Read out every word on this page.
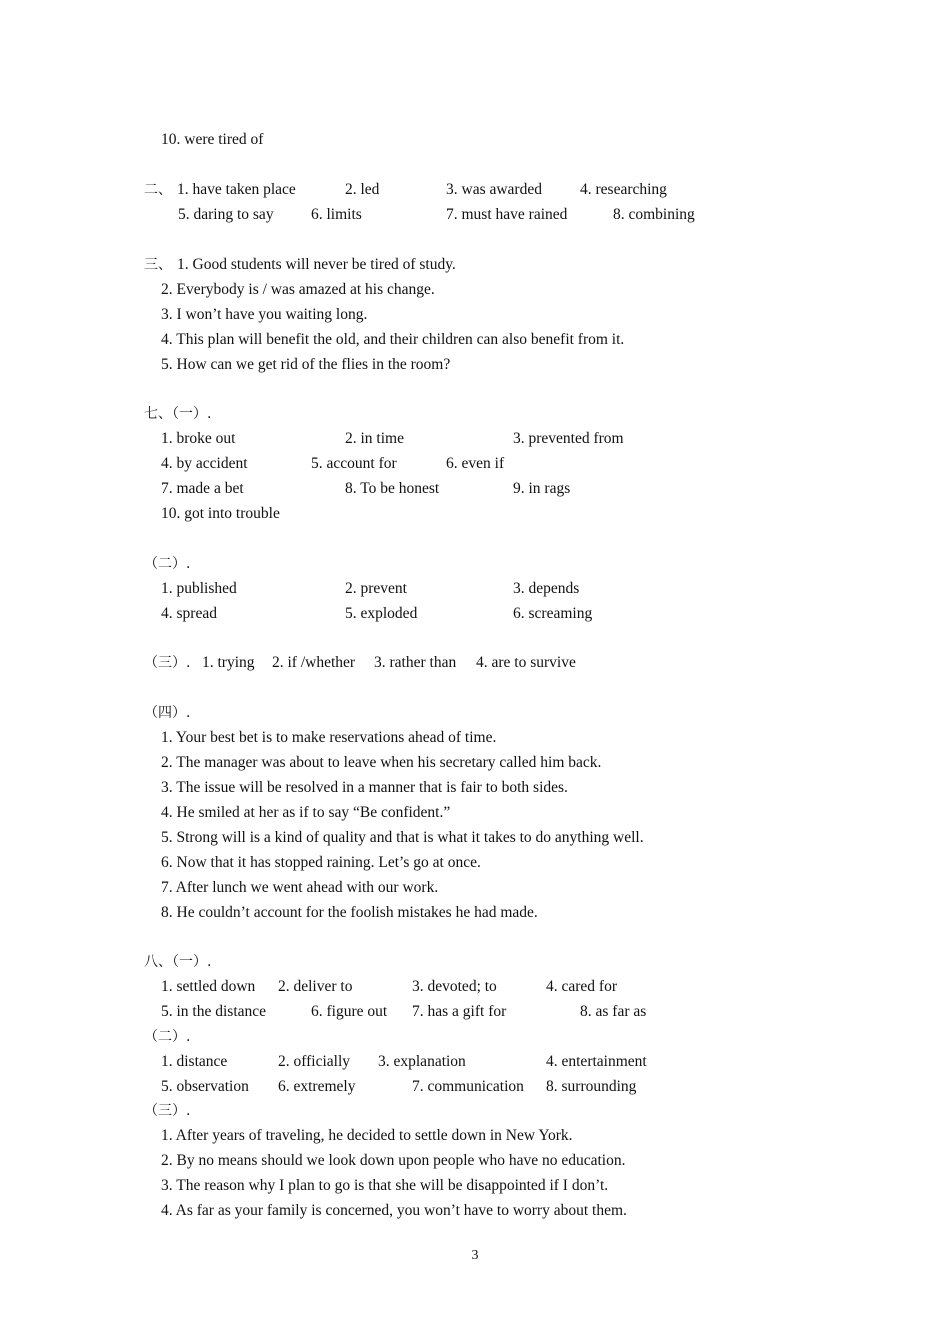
10. were tired of
二、 1. have taken place	2. led	3. was awarded 4. researching
5. daring to say 6. limits	7. must have rained	8. combining
三、 1. Good students will never be tired of study.
2. Everybody is / was amazed at his change.
3. I won’t have you waiting long.
4. This plan will benefit the old, and their children can also benefit from it.
5. How can we get rid of the flies in the room?
七、（一）.
1. broke out	2. in time	3. prevented from
4. by accident	5. account for	6. even if
7. made a bet	8. To be honest	9. in rags
10. got into trouble
（二）.
1. published	2. prevent	3. depends
4. spread	5. exploded	6. screaming
（三）. 1. trying 2. if /whether 3. rather than 4. are to survive
（四）.
1. Your best bet is to make reservations ahead of time.
2. The manager was about to leave when his secretary called him back.
3. The issue will be resolved in a manner that is fair to both sides.
4. He smiled at her as if to say “Be confident.”
5. Strong will is a kind of quality and that is what it takes to do anything well.
6. Now that it has stopped raining. Let’s go at once.
7. After lunch we went ahead with our work.
8. He couldn’t account for the foolish mistakes he had made.
八、（一）.
1. settled down 2. deliver to	3. devoted; to	4. cared for
5. in the distance	6. figure out 7. has a gift for	8. as far as
（二）.
1. distance	2. officially 3. explanation	4. entertainment
5. observation 6. extremely	7. communication 8. surrounding
（三）.
1. After years of traveling, he decided to settle down in New York.
2. By no means should we look down upon people who have no education.
3. The reason why I plan to go is that she will be disappointed if I don’t.
4. As far as your family is concerned, you won’t have to worry about them.
3
